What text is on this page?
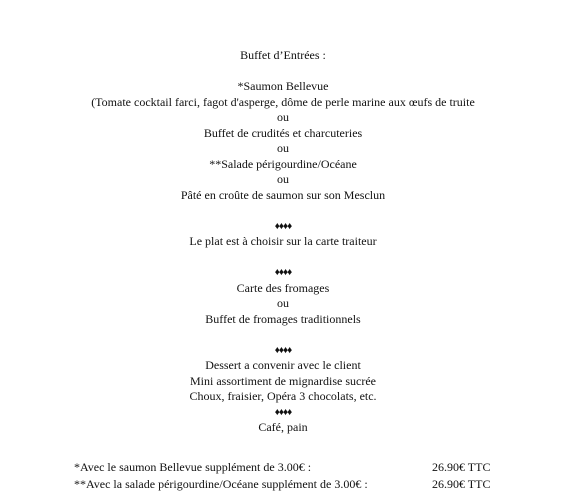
Buffet d’Entrées :
*Saumon Bellevue
(Tomate cocktail farci, fagot d'asperge, dôme de perle marine aux œufs de truite
ou
Buffet de crudités et charcuteries
ou
**Salade périgourdine/Océane
ou
Pâté en croûte de saumon sur son Mesclun
♦♦♦♦
Le plat est à choisir sur la carte traiteur
♦♦♦♦
Carte des fromages
ou
Buffet de fromages traditionnels
♦♦♦♦
Dessert a convenir avec le client
Mini assortiment de mignardise sucrée
Choux, fraisier, Opéra 3 chocolats, etc.
♦♦♦♦
Café, pain
*Avec le saumon Bellevue supplément de 3.00€ :	26.90€ TTC
**Avec la salade périgourdine/Océane supplément de 3.00€ :	26.90€ TTC
